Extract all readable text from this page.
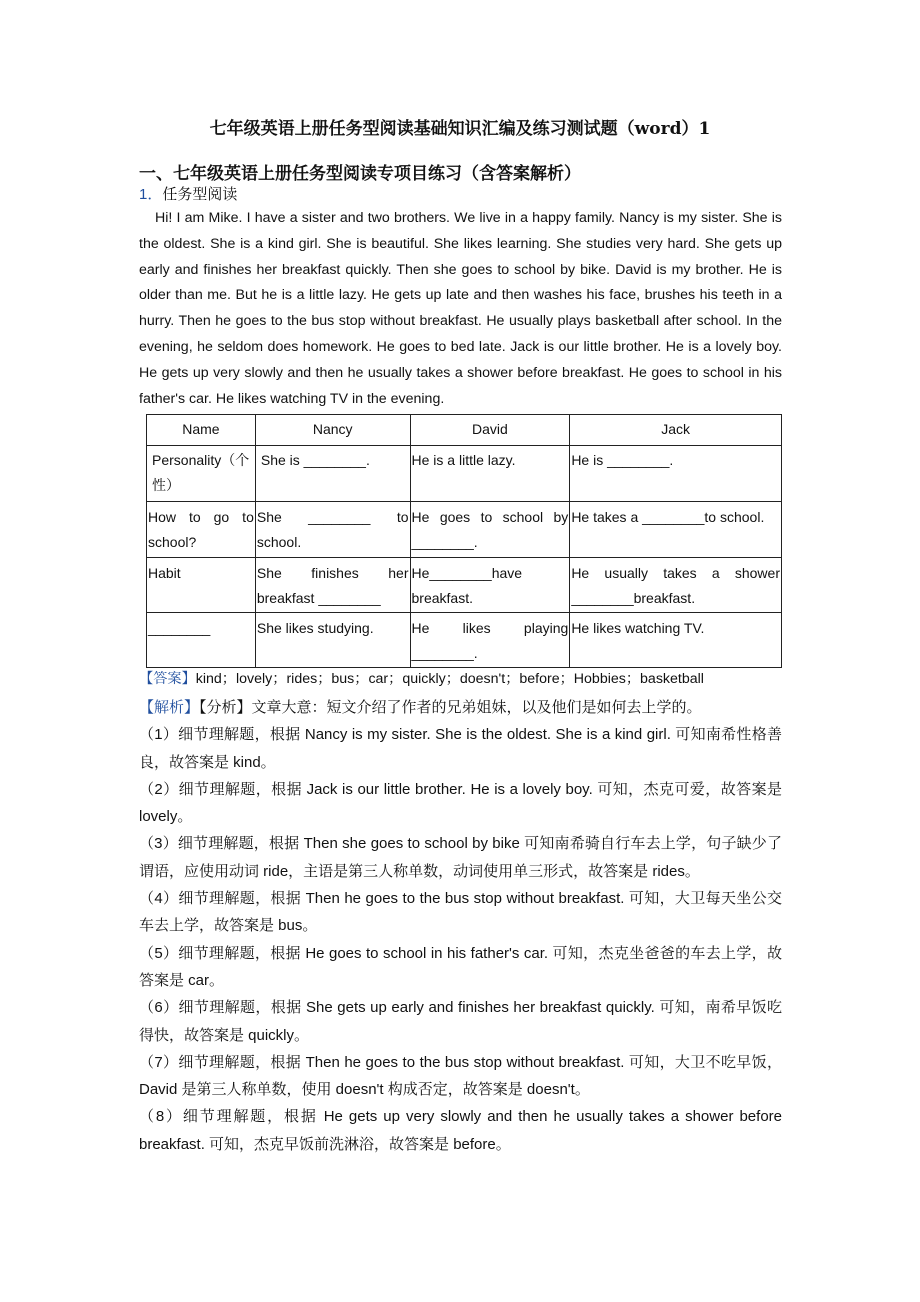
七年级英语上册任务型阅读基础知识汇编及练习测试题（word）1
一、七年级英语上册任务型阅读专项目练习（含答案解析）
1．任务型阅读

Hi! I am Mike. I have a sister and two brothers. We live in a happy family. Nancy is my sister. She is the oldest. She is a kind girl. She is beautiful. She likes learning. She studies very hard. She gets up early and finishes her breakfast quickly. Then she goes to school by bike. David is my brother. He is older than me. But he is a little lazy. He gets up late and then washes his face, brushes his teeth in a hurry. Then he goes to the bus stop without breakfast. He usually plays basketball after school. In the evening, he seldom does homework. He goes to bed late. Jack is our little brother. He is a lovely boy. He gets up very slowly and then he usually takes a shower before breakfast. He goes to school in his father's car. He likes watching TV in the evening.

Name	Nancy	David	Jack
Personality（个性）	She is ________.	He is a little lazy.	He is ________.
How to go to school?	She ________ to school.	He goes to school by ________.	He takes a ________to school.
Habit	She finishes her breakfast ________	He________have breakfast.	He usually takes a shower ________breakfast.
________	She likes studying.	He likes playing ________.	He likes watching TV.
【答案】kind；lovely；rides；bus；car；quickly；doesn't；before；Hobbies；basketball

【解析】【分析】文章大意：短文介绍了作者的兄弟姐妹，以及他们是如何去上学的。

（1）细节理解题，根据 Nancy is my sister. She is the oldest. She is a kind girl. 可知南希性格善良，故答案是 kind。

（2）细节理解题，根据 Jack is our little brother. He is a lovely boy. 可知，杰克可爱，故答案是 lovely。

（3）细节理解题，根据 Then she goes to school by bike 可知南希骑自行车去上学，句子缺少了谓语，应使用动词 ride，主语是第三人称单数，动词使用单三形式，故答案是 rides。

（4）细节理解题，根据 Then he goes to the bus stop without breakfast. 可知，大卫每天坐公交车去上学，故答案是 bus。

（5）细节理解题，根据 He goes to school in his father's car. 可知，杰克坐爸爸的车去上学，故答案是 car。

（6）细节理解题，根据 She gets up early and finishes her breakfast quickly. 可知，南希早饭吃得快，故答案是 quickly。

（7）细节理解题，根据 Then he goes to the bus stop without breakfast. 可知，大卫不吃早饭，David 是第三人称单数，使用 doesn't 构成否定，故答案是 doesn't。

（8）细节理解题，根据 He gets up very slowly and then he usually takes a shower before breakfast. 可知，杰克早饭前洗淋浴，故答案是 before。
